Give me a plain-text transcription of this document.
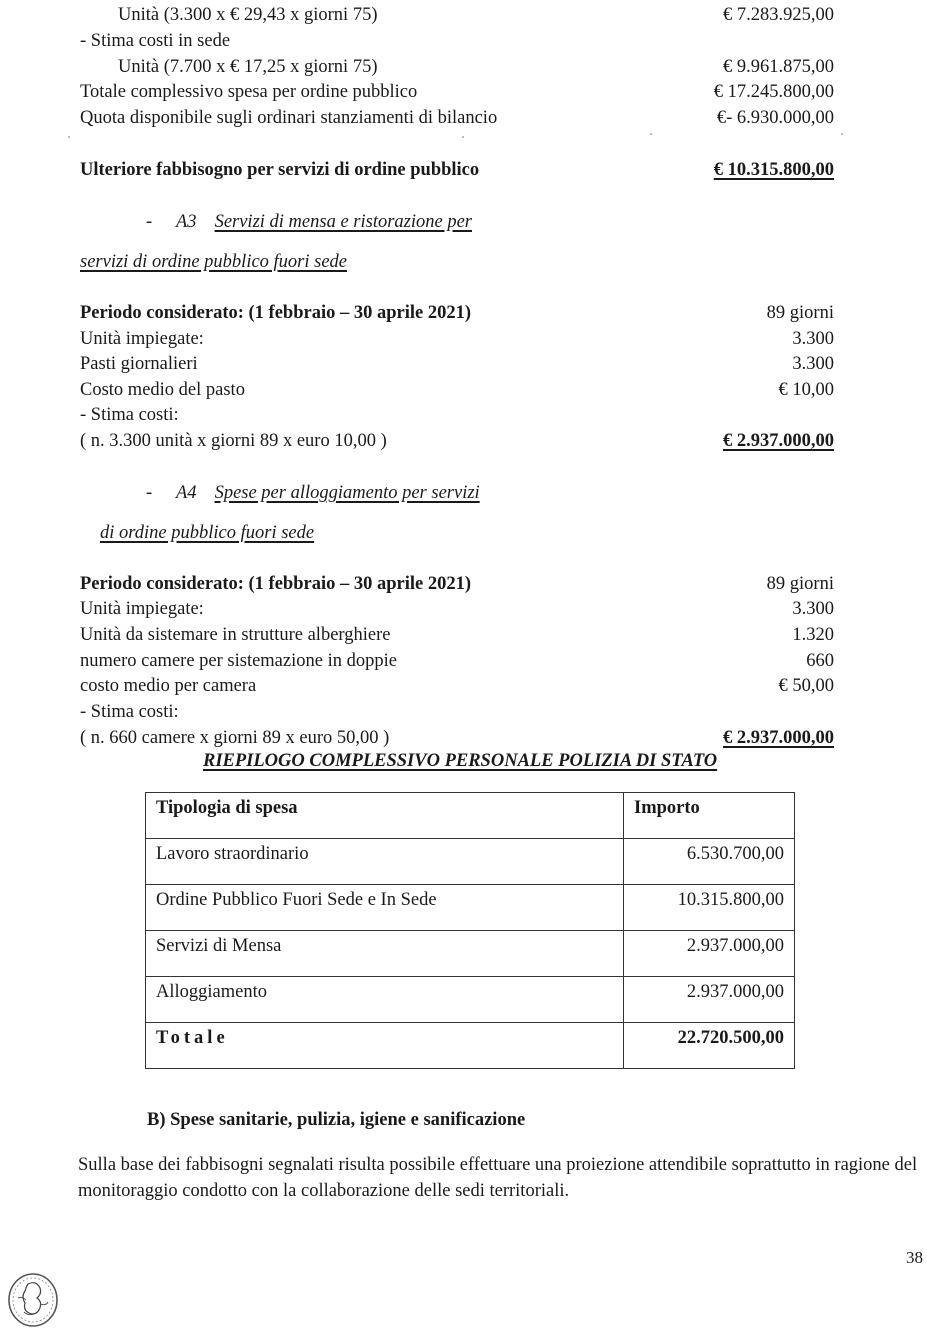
Unità (3.300 x € 29,43 x giorni 75)	€ 7.283.925,00
- Stima costi in sede
Unità (7.700 x € 17,25 x giorni 75)	€ 9.961.875,00
Totale complessivo spesa per ordine pubblico	€ 17.245.800,00
Quota disponibile sugli ordinari stanziamenti di bilancio	€- 6.930.000,00
Ulteriore fabbisogno per servizi di ordine pubblico	€ 10.315.800,00
- A3 Servizi di mensa e ristorazione per
servizi di ordine pubblico fuori sede
Periodo considerato: (1 febbraio – 30 aprile 2021)	89 giorni
Unità impiegate:	3.300
Pasti giornalieri	3.300
Costo medio del pasto	€ 10,00
- Stima costi:
( n. 3.300 unità x giorni 89 x euro 10,00 )	€ 2.937.000,00
- A4 Spese per alloggiamento per servizi
di ordine pubblico fuori sede
Periodo considerato: (1 febbraio – 30 aprile 2021)	89 giorni
Unità impiegate:	3.300
Unità da sistemare in strutture alberghiere	1.320
numero camere per sistemazione in doppie	660
costo medio per camera	€ 50,00
- Stima costi:
( n. 660 camere x giorni 89 x euro 50,00 )	€ 2.937.000,00
RIEPILOGO COMPLESSIVO PERSONALE POLIZIA DI STATO
Tipologia di spesa	Importo
Lavoro straordinario	6.530.700,00
Ordine Pubblico Fuori Sede e In Sede	10.315.800,00
Servizi di Mensa	2.937.000,00
Alloggiamento	2.937.000,00
Totale	22.720.500,00
B) Spese sanitarie, pulizia, igiene e sanificazione
Sulla base dei fabbisogni segnalati risulta possibile effettuare una proiezione attendibile soprattutto in ragione del monitoraggio condotto con la collaborazione delle sedi territoriali.
38
